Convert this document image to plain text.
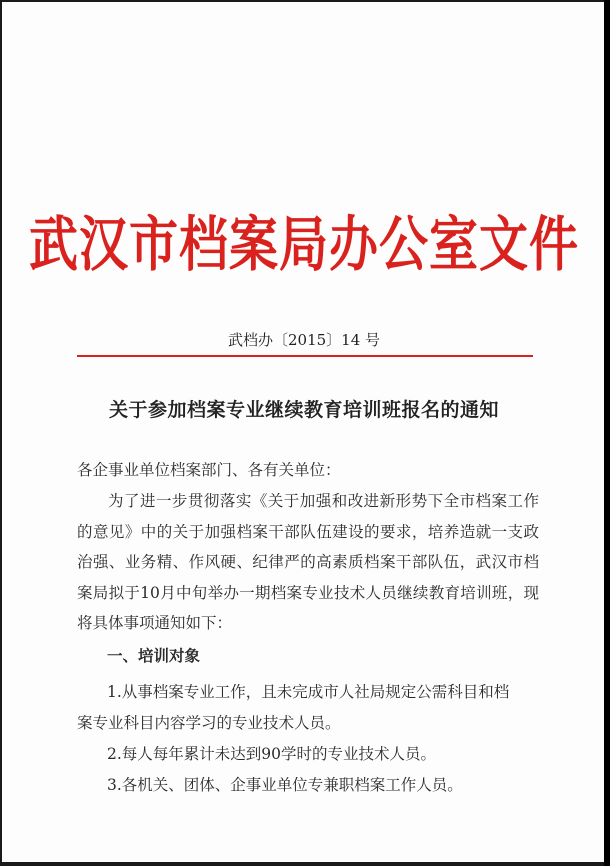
武汉市档案局办公室文件
武档办〔2015〕14 号
关于参加档案专业继续教育培训班报名的通知
各企事业单位档案部门、各有关单位：
为了进一步贯彻落实《关于加强和改进新形势下全市档案工作的意见》中的关于加强档案干部队伍建设的要求，培养造就一支政治强、业务精、作风硬、纪律严的高素质档案干部队伍，武汉市档案局拟于10月中旬举办一期档案专业技术人员继续教育培训班，现将具体事项通知如下：
一、培训对象
1.从事档案专业工作，且未完成市人社局规定公需科目和档
案专业科目内容学习的专业技术人员。
2.每人每年累计未达到90学时的专业技术人员。
3.各机关、团体、企事业单位专兼职档案工作人员。
